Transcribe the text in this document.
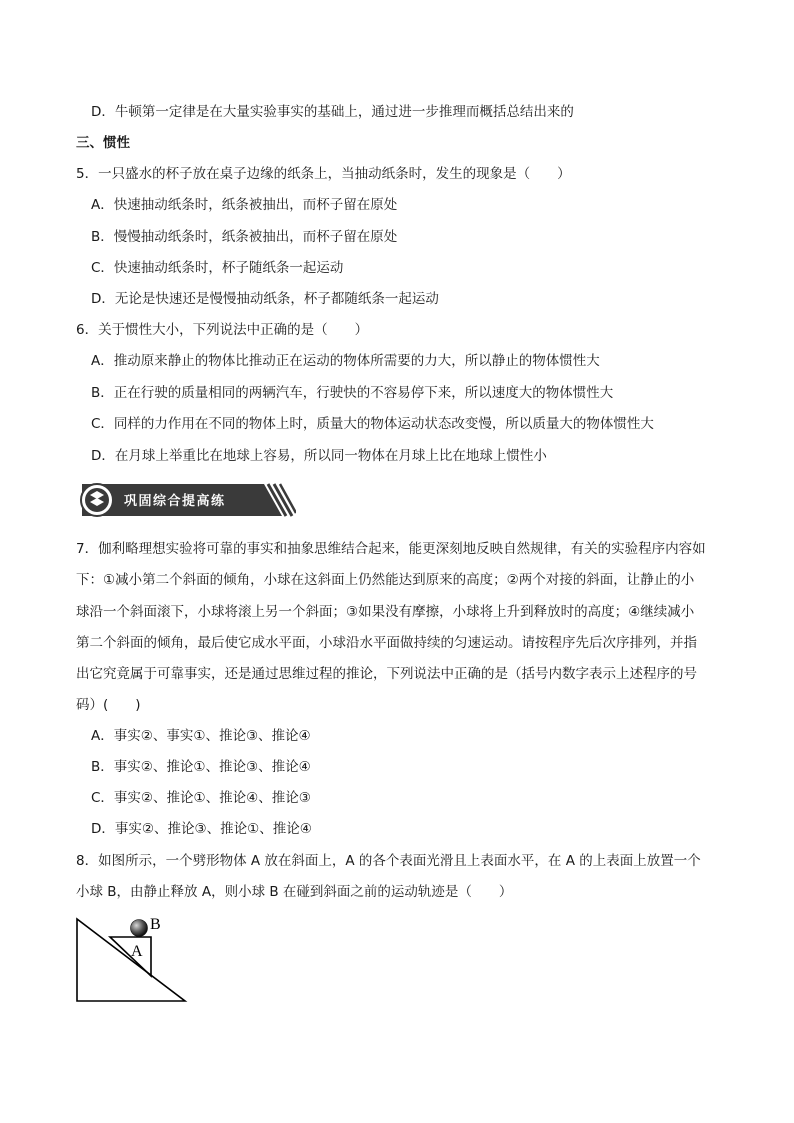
D．牛顿第一定律是在大量实验事实的基础上，通过进一步推理而概括总结出来的
三、惯性
5．一只盛水的杯子放在桌子边缘的纸条上，当抽动纸条时，发生的现象是（　　）
A．快速抽动纸条时，纸条被抽出，而杯子留在原处
B．慢慢抽动纸条时，纸条被抽出，而杯子留在原处
C．快速抽动纸条时，杯子随纸条一起运动
D．无论是快速还是慢慢抽动纸条，杯子都随纸条一起运动
6．关于惯性大小，下列说法中正确的是（　　）
A．推动原来静止的物体比推动正在运动的物体所需要的力大，所以静止的物体惯性大
B．正在行驶的质量相同的两辆汽车，行驶快的不容易停下来，所以速度大的物体惯性大
C．同样的力作用在不同的物体上时，质量大的物体运动状态改变慢，所以质量大的物体惯性大
D．在月球上举重比在地球上容易，所以同一物体在月球上比在地球上惯性小
巩固综合提高练
7．伽利略理想实验将可靠的事实和抽象思维结合起来，能更深刻地反映自然规律，有关的实验程序内容如
下：①减小第二个斜面的倾角，小球在这斜面上仍然能达到原来的高度；②两个对接的斜面，让静止的小
球沿一个斜面滚下，小球将滚上另一个斜面；③如果没有摩擦，小球将上升到释放时的高度；④继续减小
第二个斜面的倾角，最后使它成水平面，小球沿水平面做持续的匀速运动。请按程序先后次序排列，并指
出它究竟属于可靠事实，还是通过思维过程的推论，下列说法中正确的是（括号内数字表示上述程序的号
码）(　　)
A．事实②、事实①、推论③、推论④
B．事实②、推论①、推论③、推论④
C．事实②、推论①、推论④、推论③
D．事实②、推论③、推论①、推论④
8．如图所示，一个劈形物体 A 放在斜面上，A 的各个表面光滑且上表面水平，在 A 的上表面上放置一个
小球 B，由静止释放 A，则小球 B 在碰到斜面之前的运动轨迹是（　　）
A
B
